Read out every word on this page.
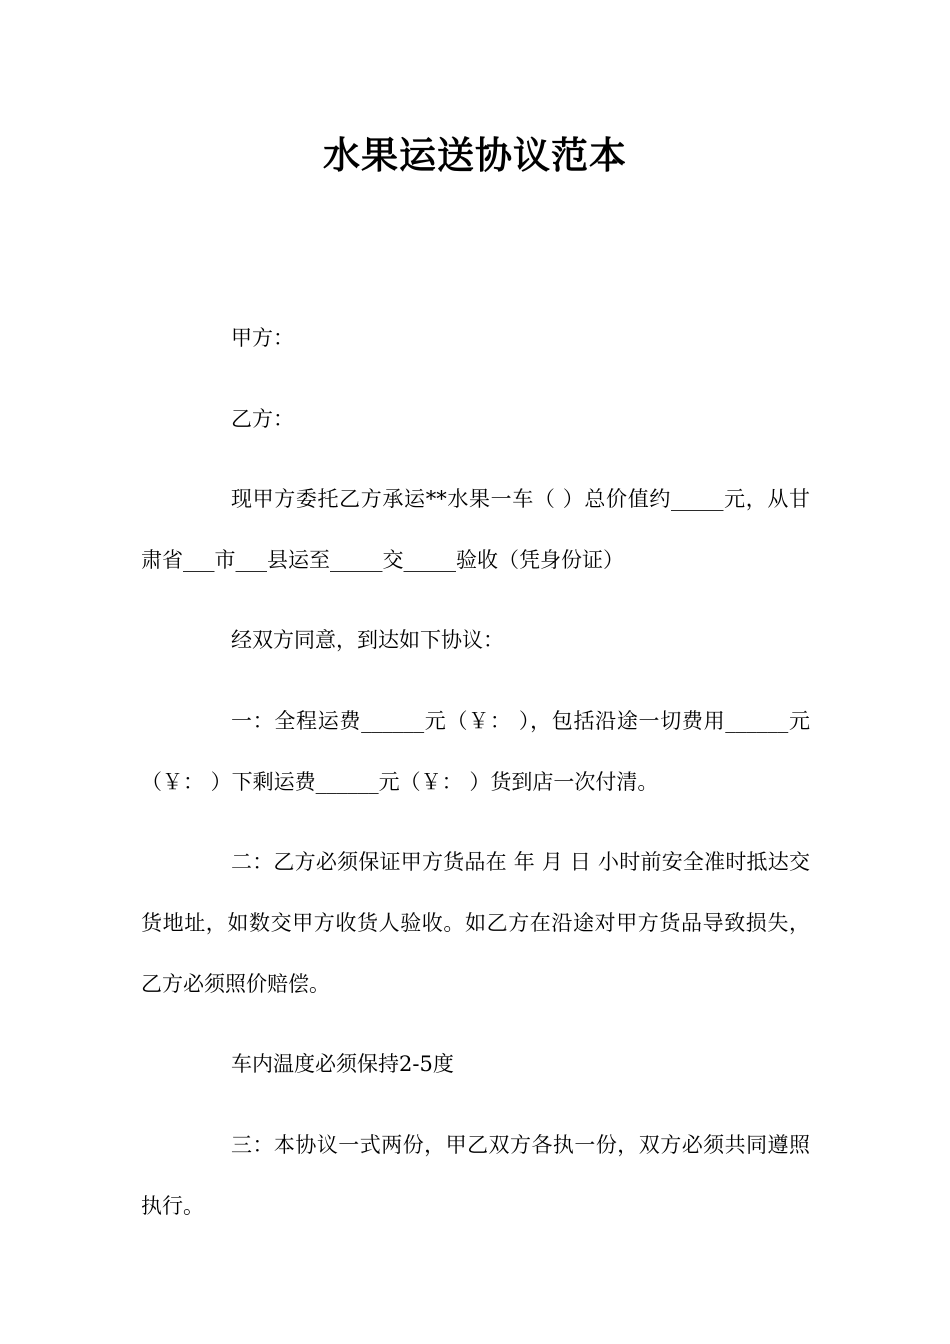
水果运送协议范本

甲方：

乙方：

现甲方委托乙方承运**水果一车（ ）总价值约_____元，从甘肃省___市___县运至_____交_____验收（凭身份证）

经双方同意，到达如下协议：

一：全程运费______元（￥： ），包括沿途一切费用______元（￥： ）下剩运费______元（￥： ）货到店一次付清。

二：乙方必须保证甲方货品在 年 月 日 小时前安全准时抵达交货地址，如数交甲方收货人验收。如乙方在沿途对甲方货品导致损失，乙方必须照价赔偿。

车内温度必须保持2-5度

三：本协议一式两份，甲乙双方各执一份，双方必须共同遵照执行。
